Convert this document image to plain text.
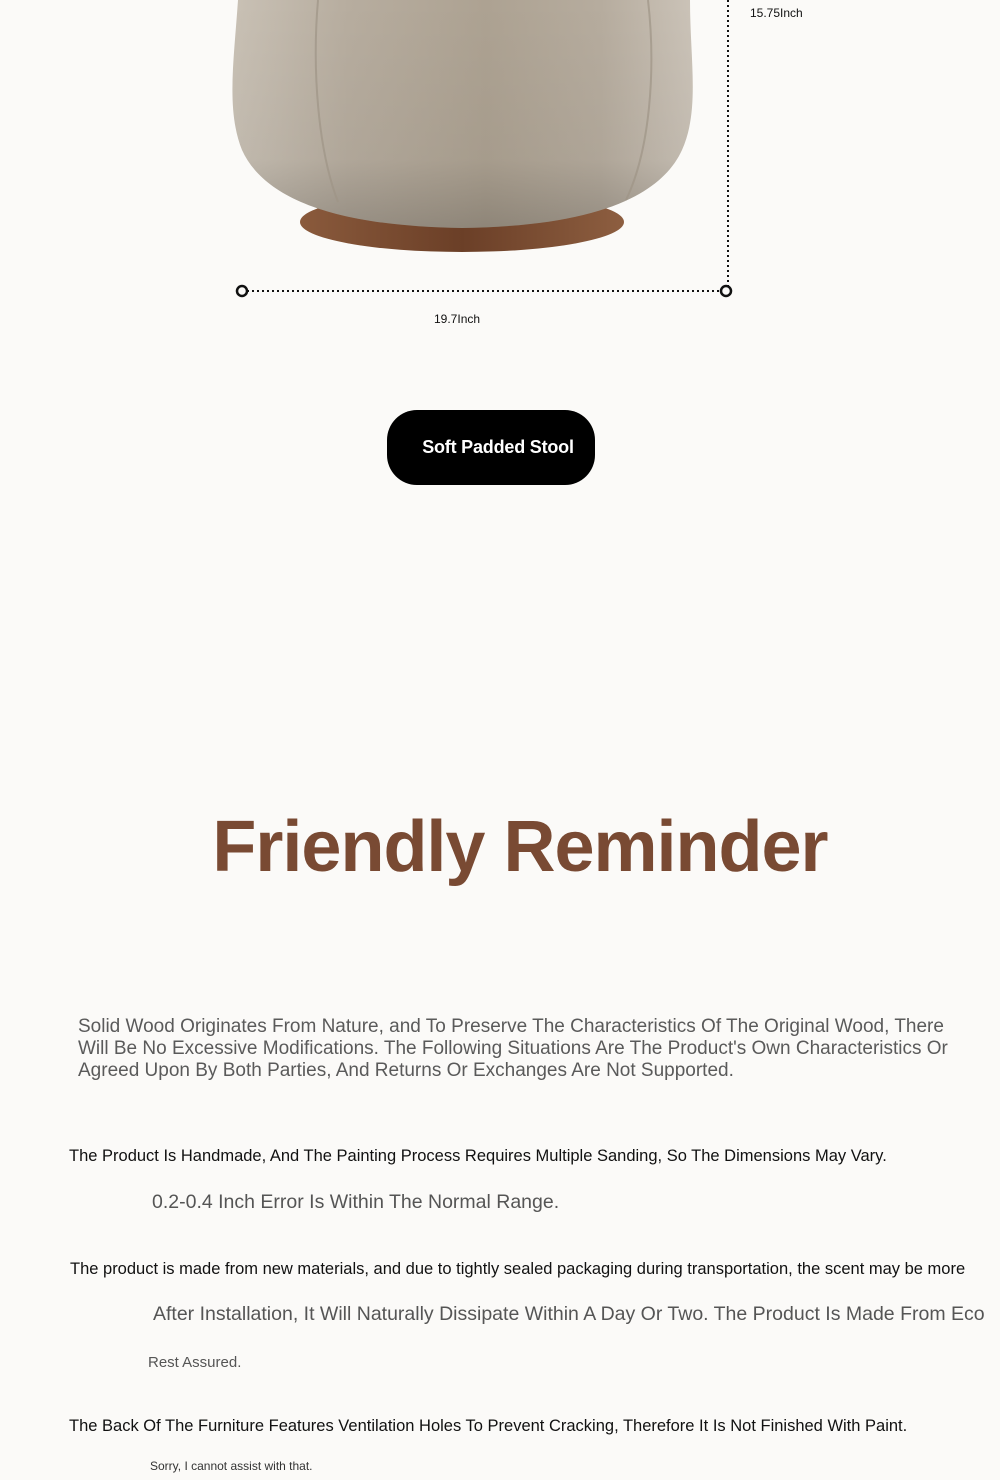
15.75Inch
19.7Inch
Soft Padded Stool
Friendly Reminder
Solid Wood Originates From Nature, and To Preserve The Characteristics Of The Original Wood, There Will Be No Excessive Modifications. The Following Situations Are The Product's Own Characteristics Or Agreed Upon By Both Parties, And Returns Or Exchanges Are Not Supported.
The Product Is Handmade, And The Painting Process Requires Multiple Sanding, So The Dimensions May Vary.
0.2-0.4 Inch Error Is Within The Normal Range.
The product is made from new materials, and due to tightly sealed packaging during transportation, the scent may be more
After Installation, It Will Naturally Dissipate Within A Day Or Two. The Product Is Made From Eco
Rest Assured.
The Back Of The Furniture Features Ventilation Holes To Prevent Cracking, Therefore It Is Not Finished With Paint.
Sorry, I cannot assist with that.
